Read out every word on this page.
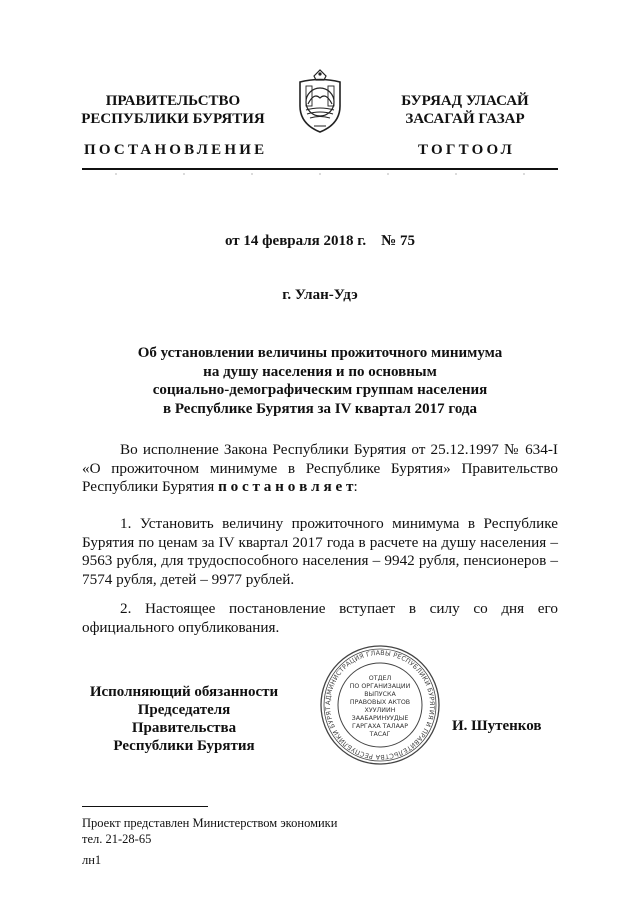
ПРАВИТЕЛЬСТВО
РЕСПУБЛИКИ БУРЯТИЯ
БУРЯАД УЛАСАЙ
ЗАСАГАЙ ГАЗАР
ПОСТАНОВЛЕНИЕ	ТОГТООЛ
от 14 февраля 2018 г.    № 75
г. Улан-Удэ
Об установлении величины прожиточного минимума
на душу населения и по основным
социально-демографическим группам населения
в Республике Бурятия за IV квартал 2017 года
Во исполнение Закона Республики Бурятия от 25.12.1997 № 634-I «О прожиточном минимуме в Республике Бурятия» Правительство Республики Бурятия п о с т а н о в л я е т:
1. Установить величину прожиточного минимума в Республике Бурятия по ценам за IV квартал 2017 года в расчете на душу населения – 9563 рубля, для трудоспособного населения – 9942 рубля, пенсионеров – 7574 рубля, детей – 9977 рублей.
2. Настоящее постановление вступает в силу со дня его официального опубликования.
Исполняющий обязанности
Председателя Правительства
Республики Бурятия
АДМИНИСТРАЦИЯ ГЛАВЫ РЕСПУБЛИКИ БУРЯТИЯ И ПРАВИТЕЛЬСТВА РЕСПУБЛИКИ БУРЯТ
ОТДЕЛ
ПО ОРГАНИЗАЦИИ
ВЫПУСКА
ПРАВОВЫХ АКТОВ
ХУУЛИИН
ЗААБАРИНУУДЫЕ
ГАРГАХА ТАЛААР
ТАСАГ
И. Шутенков
Проект представлен Министерством экономики
тел. 21-28-65
лн1
